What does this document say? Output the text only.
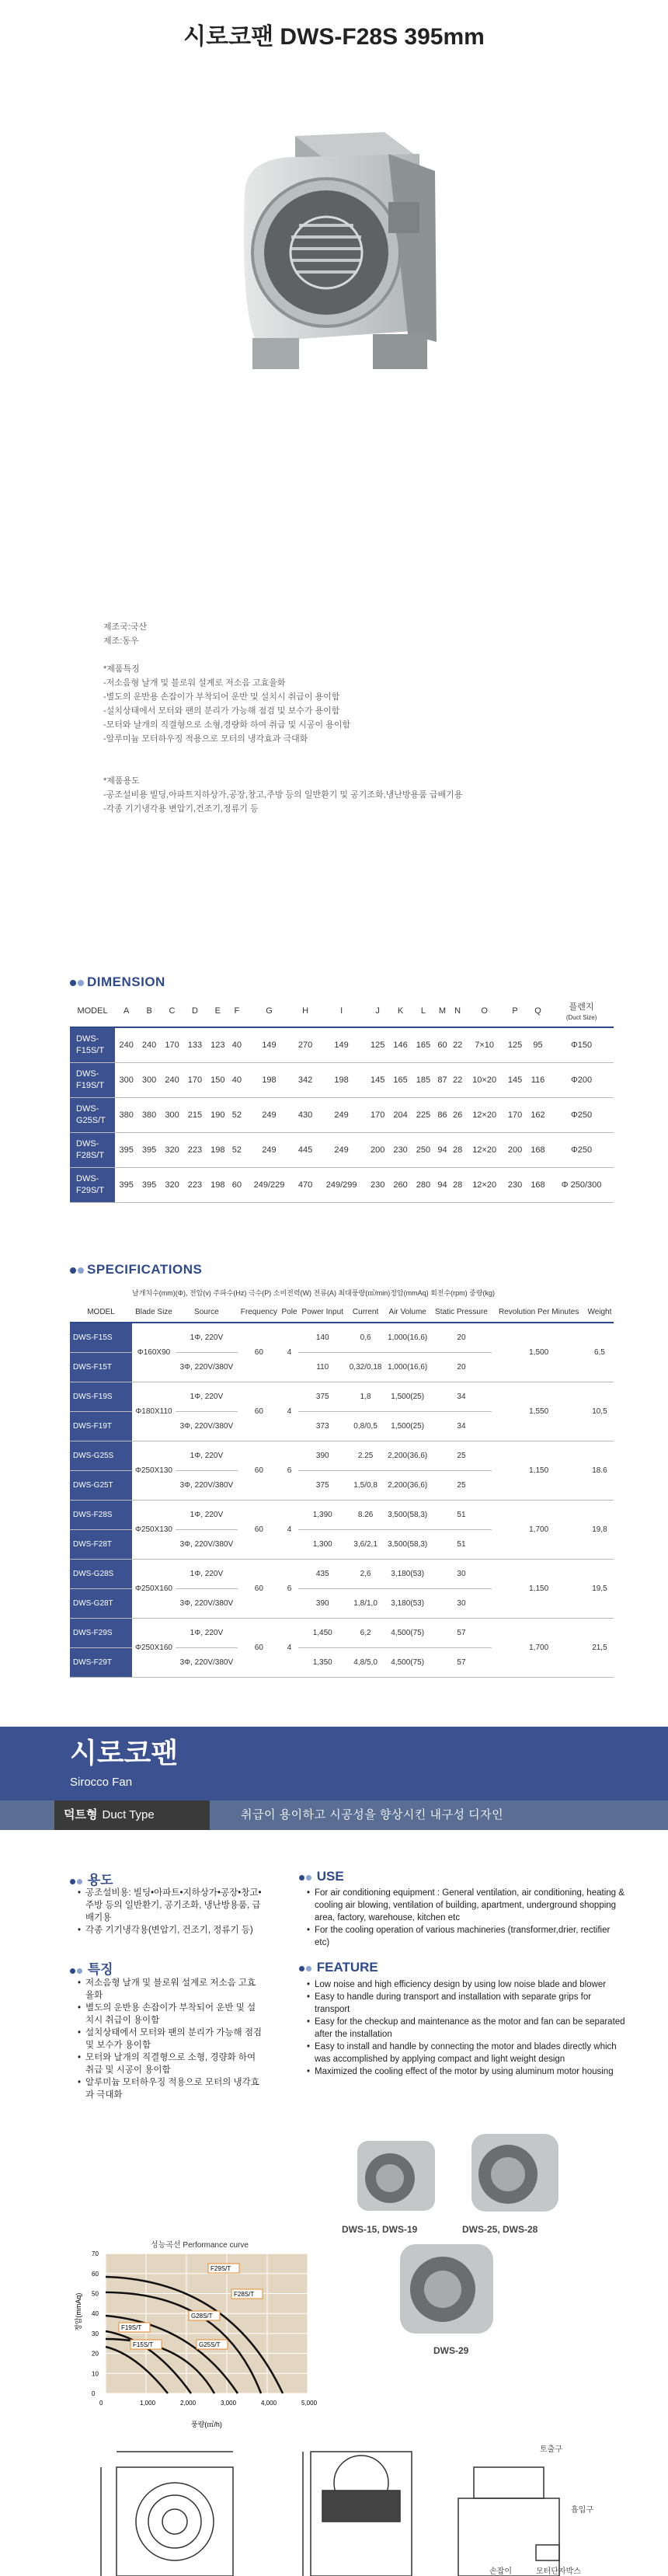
시로코팬 DWS-F28S 395mm
제조국:국산
제조:동우
*제품특징
-저소음형 날개 및 블로워 설계로 저소음 고효율화
-별도의 운반용 손잡이가 부착되어 운반 및 설치시 취급이 용이함
-설치상태에서 모터와 팬의 분리가 가능해 점검 및 보수가 용이함
-모터와 날개의 직결형으로 소형,경량화 하여 취급 및 시공이 용이함
-알루미늄 모터하우징 적용으로 모터의 냉각효과 극대화
*제품용도
-공조설비용 빌딩,아파트지하상가,공장,창고,주방 등의 일반환기 및 공기조화,냉난방용품 급배기용
-각종 기기냉각용 변압기,건조기,정류기 등
DIMENSION
MODEL	A	B	C	D	E	F	G	H	I	J	K	L	M	N	O	P	Q	플렌지
(Duct Size)
DWS-F15S/T	240	240	170	133	123	40	149	270	149	125	146	165	60	22	7×10	125	95	Φ150
DWS-F19S/T	300	300	240	170	150	40	198	342	198	145	165	185	87	22	10×20	145	116	Φ200
DWS-G25S/T	380	380	300	215	190	52	249	430	249	170	204	225	86	26	12×20	170	162	Φ250
DWS-F28S/T	395	395	320	223	198	52	249	445	249	200	230	250	94	28	12×20	200	168	Φ250
DWS-F29S/T	395	395	320	223	198	60	249/229	470	249/299	230	260	280	94	28	12×20	230	168	Φ 250/300
SPECIFICATIONS
	날개치수(mm)(Φ), 전압(v) 주파수(Hz) 극수(P) 소비전력(W) 전류(A) 최대풍량(㎥/min)정압(mmAq) 회전수(rpm) 중량(kg)									
MODEL	Blade Size	Source	Frequency	Pole	Power Input	Current	Air Volume	Static Pressure	Revolution Per Minutes	Weight
DWS-F15S	Φ160X90	1Φ, 220V	60	4	140	0,6	1,000(16,6)	20	1,500	6,5
DWS-F15T		3Φ, 220V/380V			110	0,32/0,18	1,000(16,6)	20		
DWS-F19S	Φ180X110	1Φ, 220V	60	4	375	1,8	1,500(25)	34	1,550	10,5
DWS-F19T		3Φ, 220V/380V			373	0,8/0,5	1,500(25)	34		
DWS-G25S	Φ250X130	1Φ, 220V	60	6	390	2.25	2,200(36,6)	25	1,150	18.6
DWS-G25T		3Φ, 220V/380V			375	1,5/0,8	2,200(36,6)	25		
DWS-F28S	Φ250X130	1Φ, 220V	60	4	1,390	8.26	3,500(58,3)	51	1,700	19,8
DWS-F28T		3Φ, 220V/380V			1,300	3,6/2,1	3,500(58,3)	51		
DWS-G28S	Φ250X160	1Φ, 220V	60	6	435	2,6	3,180(53)	30	1,150	19,5
DWS-G28T		3Φ, 220V/380V			390	1,8/1,0	3,180(53)	30		
DWS-F29S	Φ250X160	1Φ, 220V	60	4	1,450	6,2	4,500(75)	57	1,700	21,5
DWS-F29T		3Φ, 220V/380V			1,350	4,8/5,0	4,500(75)	57		
시로코팬
Sirocco Fan
덕트형 Duct Type	취급이 용이하고 시공성을 향상시킨 내구성 디자인
용도
• 공조설비용: 빌딩•아파트•지하상가•공장•창고•주방 등의 일반환기, 공기조화, 냉난방용품, 급배기용
• 각종 기기냉각용(변압기, 건조기, 정류기 등)
특징
• 저소음형 날개 및 블로워 설계로 저소음 고효율화
• 별도의 운반용 손잡이가 부착되어 운반 및 설치시 취급이 용이함
• 설치상태에서 모터와 팬의 분리가 가능해 점검 및 보수가 용이함
• 모터와 날개의 직결형으로 소형, 경량화 하여 취급 및 시공이 용이함
• 알루미늄 모터하우징 적용으로 모터의 냉각효과 극대화
USE
• For air conditioning equipment : General ventilation, air conditioning, heating & cooling air blowing, ventilation of building, apartment, underground shopping area, factory, warehouse, kitchen etc
• For the cooling operation of various machineries (transformer,drier, rectifier etc)
FEATURE
• Low noise and high efficiency design by using low noise blade and blower
• Easy to handle during transport and installation with separate grips for transport
• Easy for the checkup and maintenance as the motor and fan can be separated after the installation
• Easy to install and handle by connecting the motor and blades directly which was accomplished by applying compact and light weight design
• Maximized the cooling effect of the motor by using aluminum motor housing
DWS-15, DWS-19	DWS-25, DWS-28
DWS-29
성능곡선 Performance curve
0	1,000	2,000	3,000	4,000	5,000
0
10
20
30
40
50
60
70
F29S/T
F28S/T
G28S/T
F19S/T
F15S/T	G25S/T
풍량(㎥/h)
정압(mmAq)
토출구
흡입구
손잡이	모터단자박스
